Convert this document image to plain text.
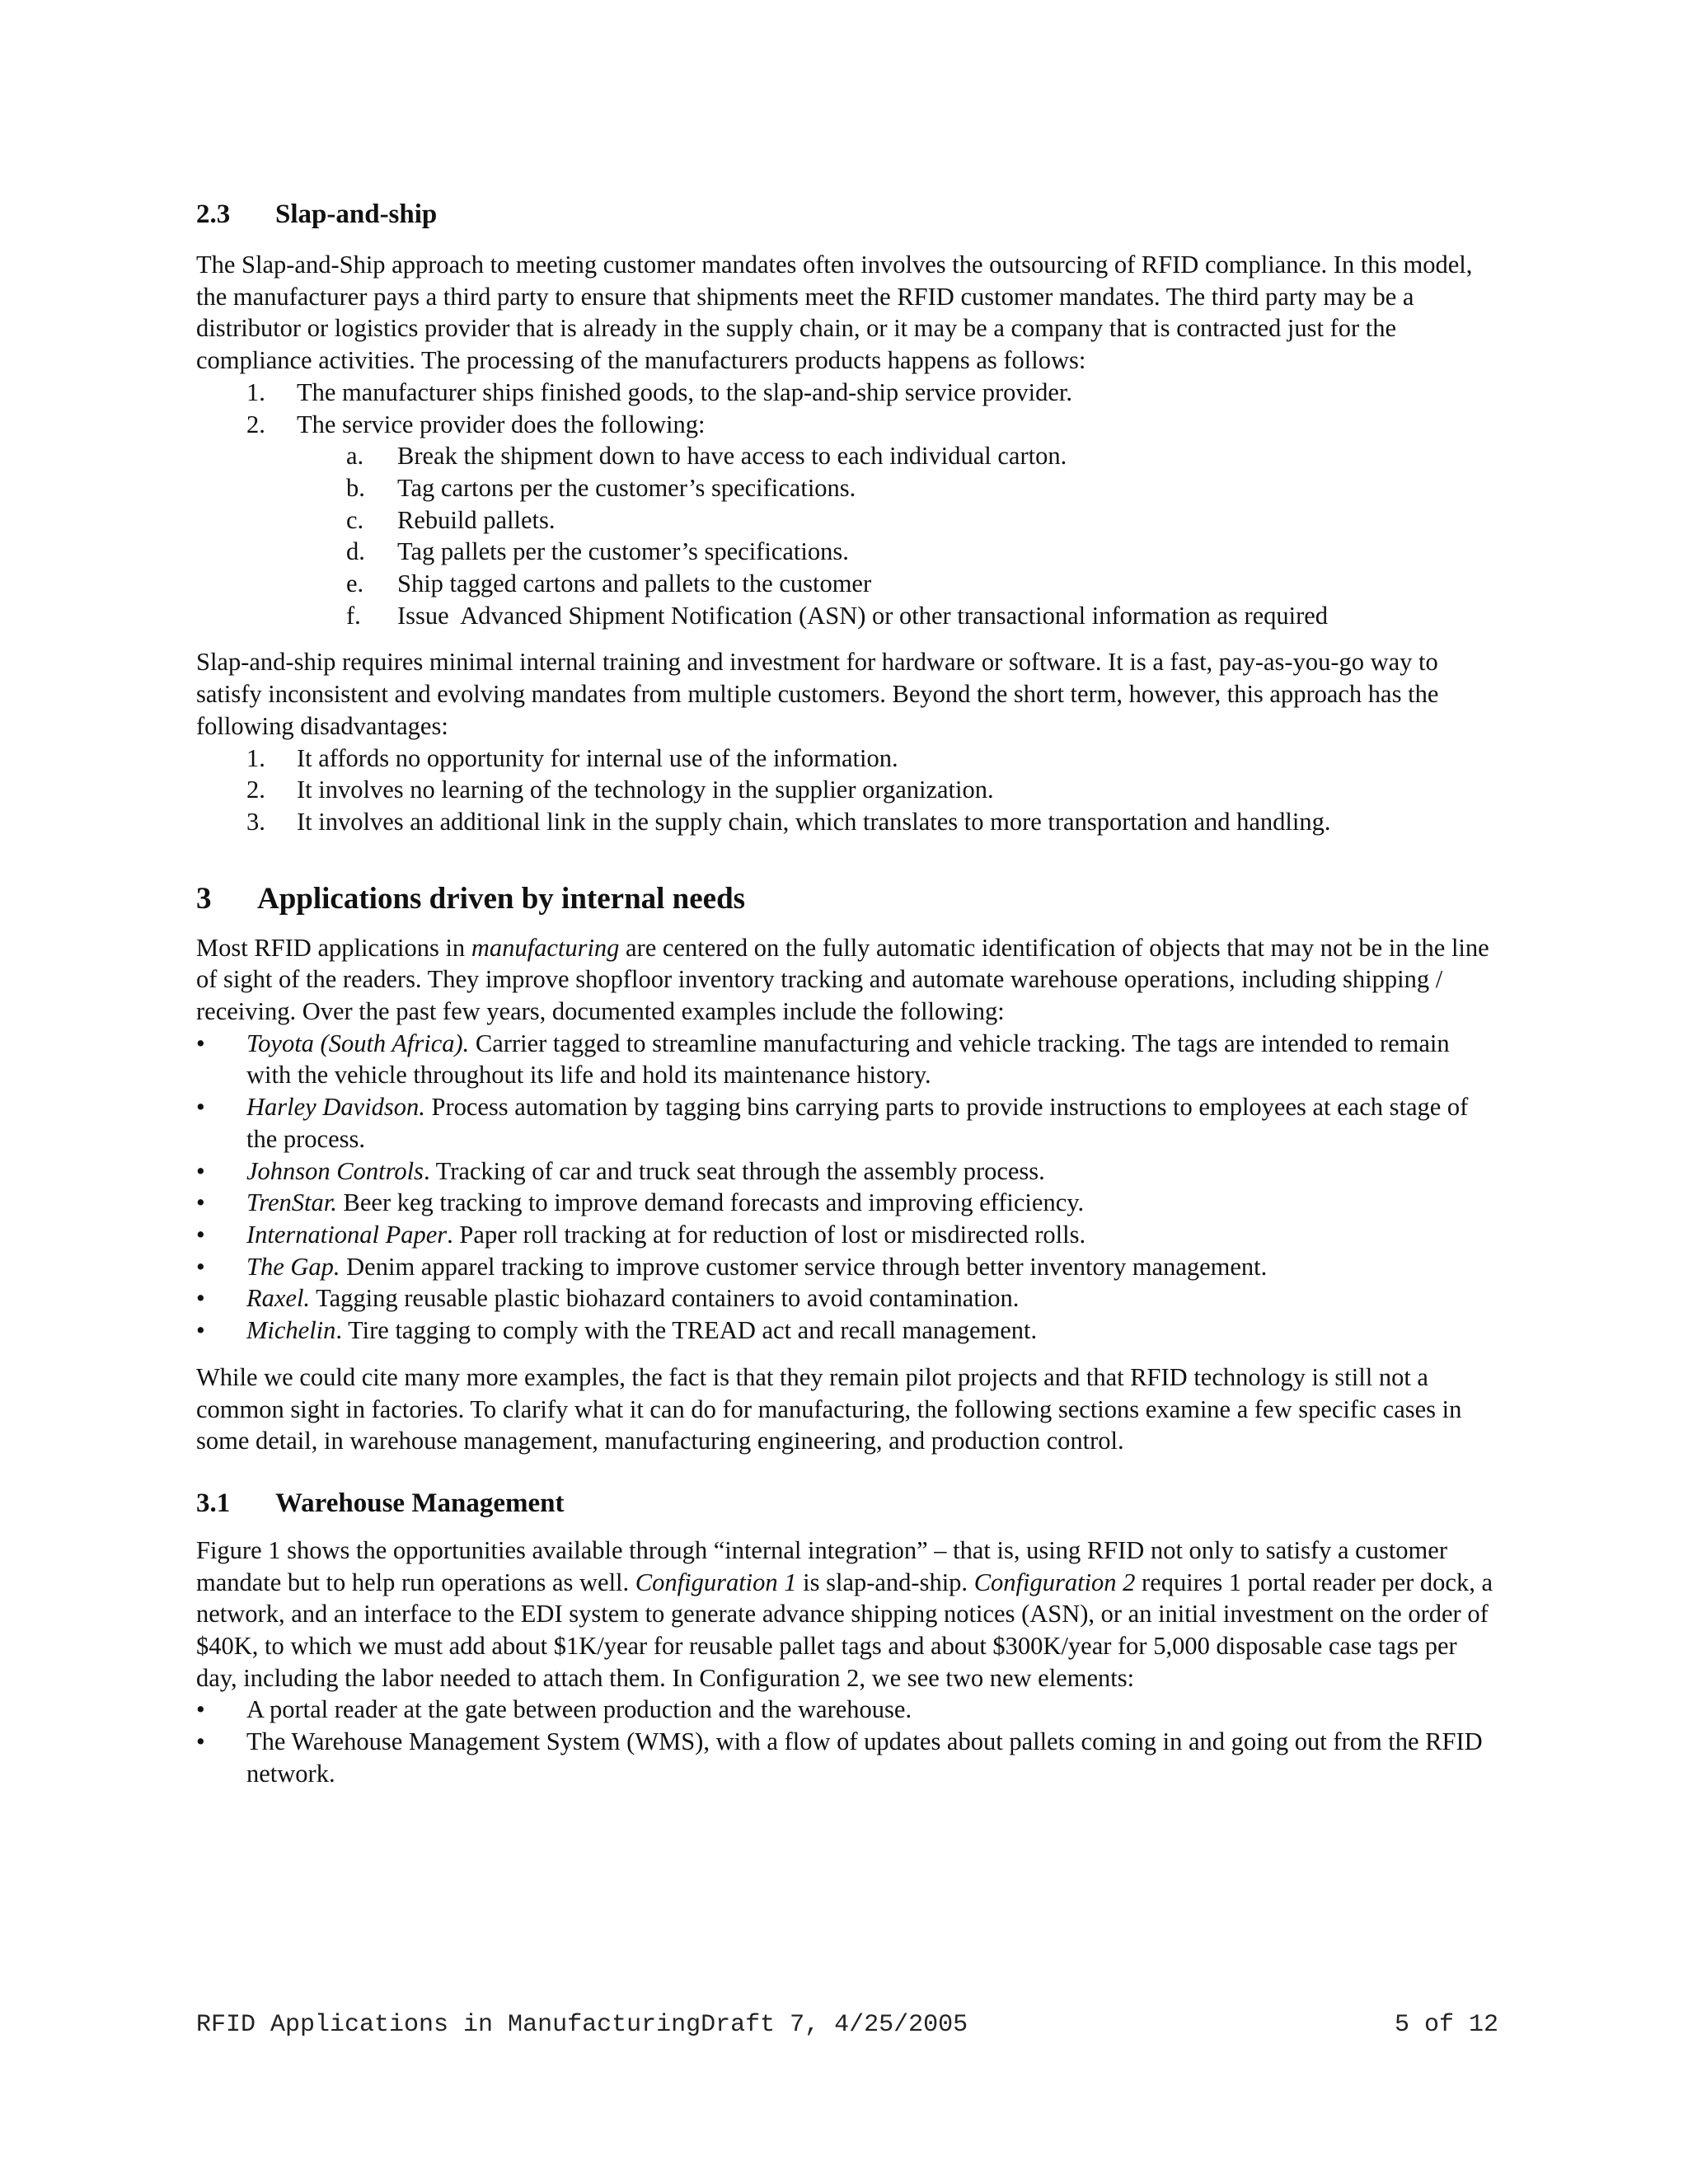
2.3 Slap-and-ship

The Slap-and-Ship approach to meeting customer mandates often involves the outsourcing of RFID compliance. In this model, the manufacturer pays a third party to ensure that shipments meet the RFID customer mandates. The third party may be a distributor or logistics provider that is already in the supply chain, or it may be a company that is contracted just for the compliance activities. The processing of the manufacturers products happens as follows:

1.	The manufacturer ships finished goods, to the slap-and-ship service provider.
2.	The service provider does the following:
a.	Break the shipment down to have access to each individual carton.
b.	Tag cartons per the customer’s specifications.
c.	Rebuild pallets.
d.	Tag pallets per the customer’s specifications.
e.	Ship tagged cartons and pallets to the customer
f.	Issue  Advanced Shipment Notification (ASN) or other transactional information as required

Slap-and-ship requires minimal internal training and investment for hardware or software. It is a fast, pay-as-you-go way to satisfy inconsistent and evolving mandates from multiple customers. Beyond the short term, however, this approach has the following disadvantages:

1.	It affords no opportunity for internal use of the information.
2.	It involves no learning of the technology in the supplier organization.
3.	It involves an additional link in the supply chain, which translates to more transportation and handling.
3 Applications driven by internal needs

Most RFID applications in manufacturing are centered on the fully automatic identification of objects that may not be in the line of sight of the readers. They improve shopfloor inventory tracking and automate warehouse operations, including shipping / receiving. Over the past few years, documented examples include the following:

• Toyota (South Africa). Carrier tagged to streamline manufacturing and vehicle tracking. The tags are intended to remain with the vehicle throughout its life and hold its maintenance history.
• Harley Davidson. Process automation by tagging bins carrying parts to provide instructions to employees at each stage of the process.
• Johnson Controls. Tracking of car and truck seat through the assembly process.
• TrenStar. Beer keg tracking to improve demand forecasts and improving efficiency.
• International Paper. Paper roll tracking at for reduction of lost or misdirected rolls.
• The Gap. Denim apparel tracking to improve customer service through better inventory management.
• Raxel. Tagging reusable plastic biohazard containers to avoid contamination.
• Michelin. Tire tagging to comply with the TREAD act and recall management.

While we could cite many more examples, the fact is that they remain pilot projects and that RFID technology is still not a common sight in factories. To clarify what it can do for manufacturing, the following sections examine a few specific cases in some detail, in warehouse management, manufacturing engineering, and production control.

3.1 Warehouse Management

Figure 1 shows the opportunities available through “internal integration” – that is, using RFID not only to satisfy a customer mandate but to help run operations as well. Configuration 1 is slap-and-ship. Configuration 2 requires 1 portal reader per dock, a network, and an interface to the EDI system to generate advance shipping notices (ASN), or an initial investment on the order of $40K, to which we must add about $1K/year for reusable pallet tags and about $300K/year for 5,000 disposable case tags per day, including the labor needed to attach them. In Configuration 2, we see two new elements:

• A portal reader at the gate between production and the warehouse.
• The Warehouse Management System (WMS), with a flow of updates about pallets coming in and going out from the RFID network.
RFID Applications in ManufacturingDraft 7, 4/25/2005	5 of 12
